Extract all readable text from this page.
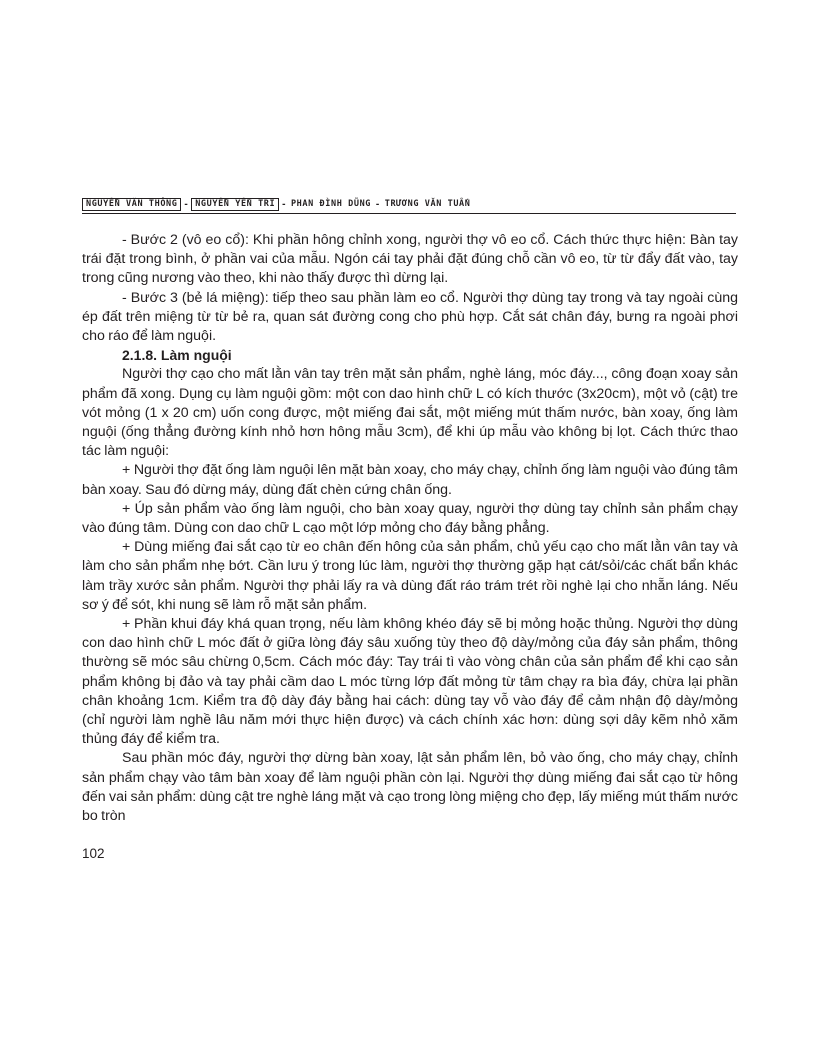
NGUYỄN VĂN THÔNG - NGUYỄN YẾN TRI - PHAN ĐÌNH DŨNG - TRƯƠNG VĂN TUẤN

- Bước 2 (vô eo cổ): Khi phần hông chỉnh xong, người thợ vô eo cổ. Cách thức thực hiện: Bàn tay trái đặt trong bình, ở phần vai của mẫu. Ngón cái tay phải đặt đúng chỗ cần vô eo, từ từ đẩy đất vào, tay trong cũng nương vào theo, khi nào thấy được thì dừng lại.

- Bước 3 (bẻ lá miệng): tiếp theo sau phần làm eo cổ. Người thợ dùng tay trong và tay ngoài cùng ép đất trên miệng từ từ bẻ ra, quan sát đường cong cho phù hợp. Cắt sát chân đáy, bưng ra ngoài phơi cho ráo để làm nguội.

2.1.8. Làm nguội

Người thợ cạo cho mất lằn vân tay trên mặt sản phẩm, nghè láng, móc đáy..., công đoạn xoay sản phẩm đã xong. Dụng cụ làm nguội gồm: một con dao hình chữ L có kích thước (3x20cm), một vỏ (cật) tre vót mỏng (1 x 20 cm) uốn cong được, một miếng đai sắt, một miếng mút thấm nước, bàn xoay, ống làm nguội (ống thẳng đường kính nhỏ hơn hông mẫu 3cm), để khi úp mẫu vào không bị lọt. Cách thức thao tác làm nguội:

+ Người thợ đặt ống làm nguội lên mặt bàn xoay, cho máy chạy, chỉnh ống làm nguội vào đúng tâm bàn xoay. Sau đó dừng máy, dùng đất chèn cứng chân ống.

+ Úp sản phẩm vào ống làm nguội, cho bàn xoay quay, người thợ dùng tay chỉnh sản phẩm chạy vào đúng tâm. Dùng con dao chữ L cạo một lớp mỏng cho đáy bằng phẳng.

+ Dùng miếng đai sắt cạo từ eo chân đến hông của sản phẩm, chủ yếu cạo cho mất lằn vân tay và làm cho sản phẩm nhẹ bớt. Cần lưu ý trong lúc làm, người thợ thường gặp hạt cát/sỏi/các chất bẩn khác làm trầy xước sản phẩm. Người thợ phải lấy ra và dùng đất ráo trám trét rồi nghè lại cho nhẵn láng. Nếu sơ ý để sót, khi nung sẽ làm rỗ mặt sản phẩm.

+ Phần khui đáy khá quan trọng, nếu làm không khéo đáy sẽ bị mỏng hoặc thủng. Người thợ dùng con dao hình chữ L móc đất ở giữa lòng đáy sâu xuống tùy theo độ dày/mỏng của đáy sản phẩm, thông thường sẽ móc sâu chừng 0,5cm. Cách móc đáy: Tay trái tì vào vòng chân của sản phẩm để khi cạo sản phẩm không bị đảo và tay phải cầm dao L móc từng lớp đất mỏng từ tâm chạy ra bìa đáy, chừa lại phần chân khoảng 1cm. Kiểm tra độ dày đáy bằng hai cách: dùng tay vỗ vào đáy để cảm nhận độ dày/mỏng (chỉ người làm nghề lâu năm mới thực hiện được) và cách chính xác hơn: dùng sợi dây kẽm nhỏ xăm thủng đáy để kiểm tra.

Sau phần móc đáy, người thợ dừng bàn xoay, lật sản phẩm lên, bỏ vào ống, cho máy chạy, chỉnh sản phẩm chạy vào tâm bàn xoay để làm nguội phần còn lại. Người thợ dùng miếng đai sắt cạo từ hông đến vai sản phẩm: dùng cật tre nghè láng mặt và cạo trong lòng miệng cho đẹp, lấy miếng mút thấm nước bo tròn

102
